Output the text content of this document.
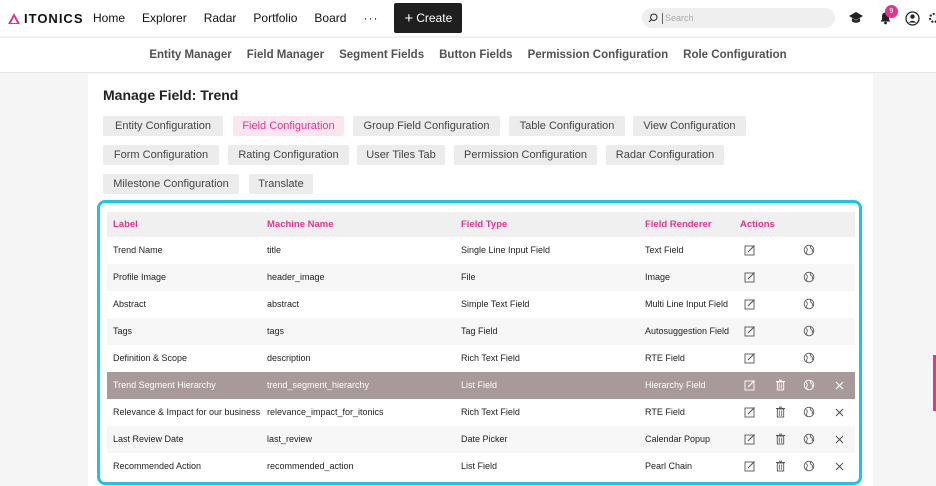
ITONICS Home Explorer Radar Portfolio Board ··· + Create	Search
9
Entity Manager Field Manager Segment Fields Button Fields Permission Configuration Role Configuration
Manage Field: Trend
Entity Configuration	Field Configuration	Group Field Configuration	Table Configuration	View Configuration
Form Configuration	Rating Configuration	User Tiles Tab	Permission Configuration	Radar Configuration
Milestone Configuration	Translate
Label	Machine Name	Field Type	Field Renderer	Actions
Trend Name	title	Single Line Input Field	Text Field
Profile Image	header_image	File	Image
Abstract	abstract	Simple Text Field	Multi Line Input Field
Tags	tags	Tag Field	Autosuggestion Field
Definition & Scope	description	Rich Text Field	RTE Field
Trend Segment Hierarchy	trend_segment_hierarchy	List Field	Hierarchy Field
Relevance & Impact for our business relevance_impact_for_itonics	Rich Text Field	RTE Field
Last Review Date	last_review	Date Picker	Calendar Popup
Recommended Action	recommended_action	List Field	Pearl Chain
